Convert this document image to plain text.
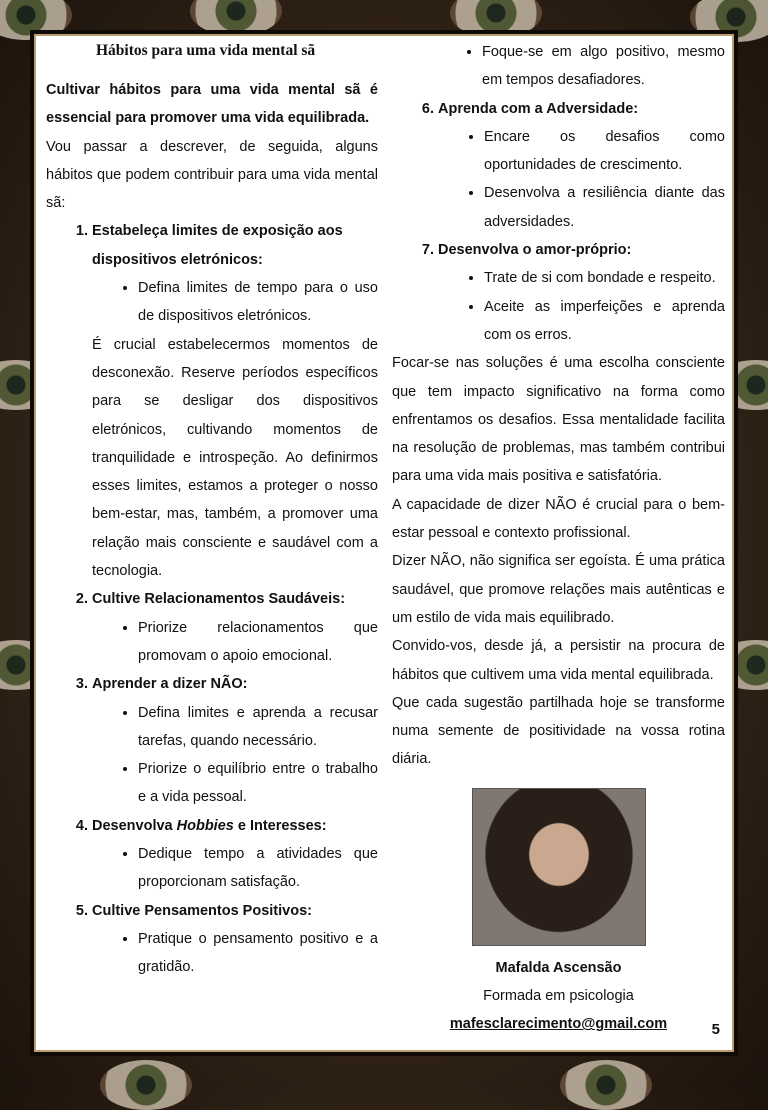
Hábitos para uma vida mental sã

Cultivar hábitos para uma vida mental sã é essencial para promover uma vida equilibrada.

Vou passar a descrever, de seguida, alguns hábitos que podem contribuir para uma vida mental sã:

1. Estabeleça limites de exposição aos dispositivos eletrónicos:
• Defina limites de tempo para o uso de dispositivos eletrónicos.

É crucial estabelecermos momentos de desconexão. Reserve períodos específicos para se desligar dos dispositivos eletrónicos, cultivando momentos de tranquilidade e introspeção. Ao definirmos esses limites, estamos a proteger o nosso bem-estar, mas, também, a promover uma relação mais consciente e saudável com a tecnologia.

2. Cultive Relacionamentos Saudáveis:
• Priorize relacionamentos que promovam o apoio emocional.
3. Aprender a dizer NÃO:
• Defina limites e aprenda a recusar tarefas, quando necessário.
• Priorize o equilíbrio entre o trabalho e a vida pessoal.
4. Desenvolva Hobbies e Interesses:
• Dedique tempo a atividades que proporcionam satisfação.
5. Cultive Pensamentos Positivos:
• Pratique o pensamento positivo e a gratidão.
• Foque-se em algo positivo, mesmo em tempos desafiadores.
6. Aprenda com a Adversidade:
• Encare os desafios como oportunidades de crescimento.
• Desenvolva a resiliência diante das adversidades.
7. Desenvolva o amor-próprio:
• Trate de si com bondade e respeito.
• Aceite as imperfeições e aprenda com os erros.

Focar-se nas soluções é uma escolha consciente que tem impacto significativo na forma como enfrentamos os desafios. Essa mentalidade facilita na resolução de problemas, mas também contribui para uma vida mais positiva e satisfatória.

A capacidade de dizer NÃO é crucial para o bem-estar pessoal e contexto profissional.

Dizer NÃO, não significa ser egoísta. É uma prática saudável, que promove relações mais autênticas e um estilo de vida mais equilibrado.

Convido-vos, desde já, a persistir na procura de hábitos que cultivem uma vida mental equilibrada.

Que cada sugestão partilhada hoje se transforme numa semente de positividade na vossa rotina diária.

Mafalda Ascensão
Formada em psicologia
mafesclarecimento@gmail.com	5
